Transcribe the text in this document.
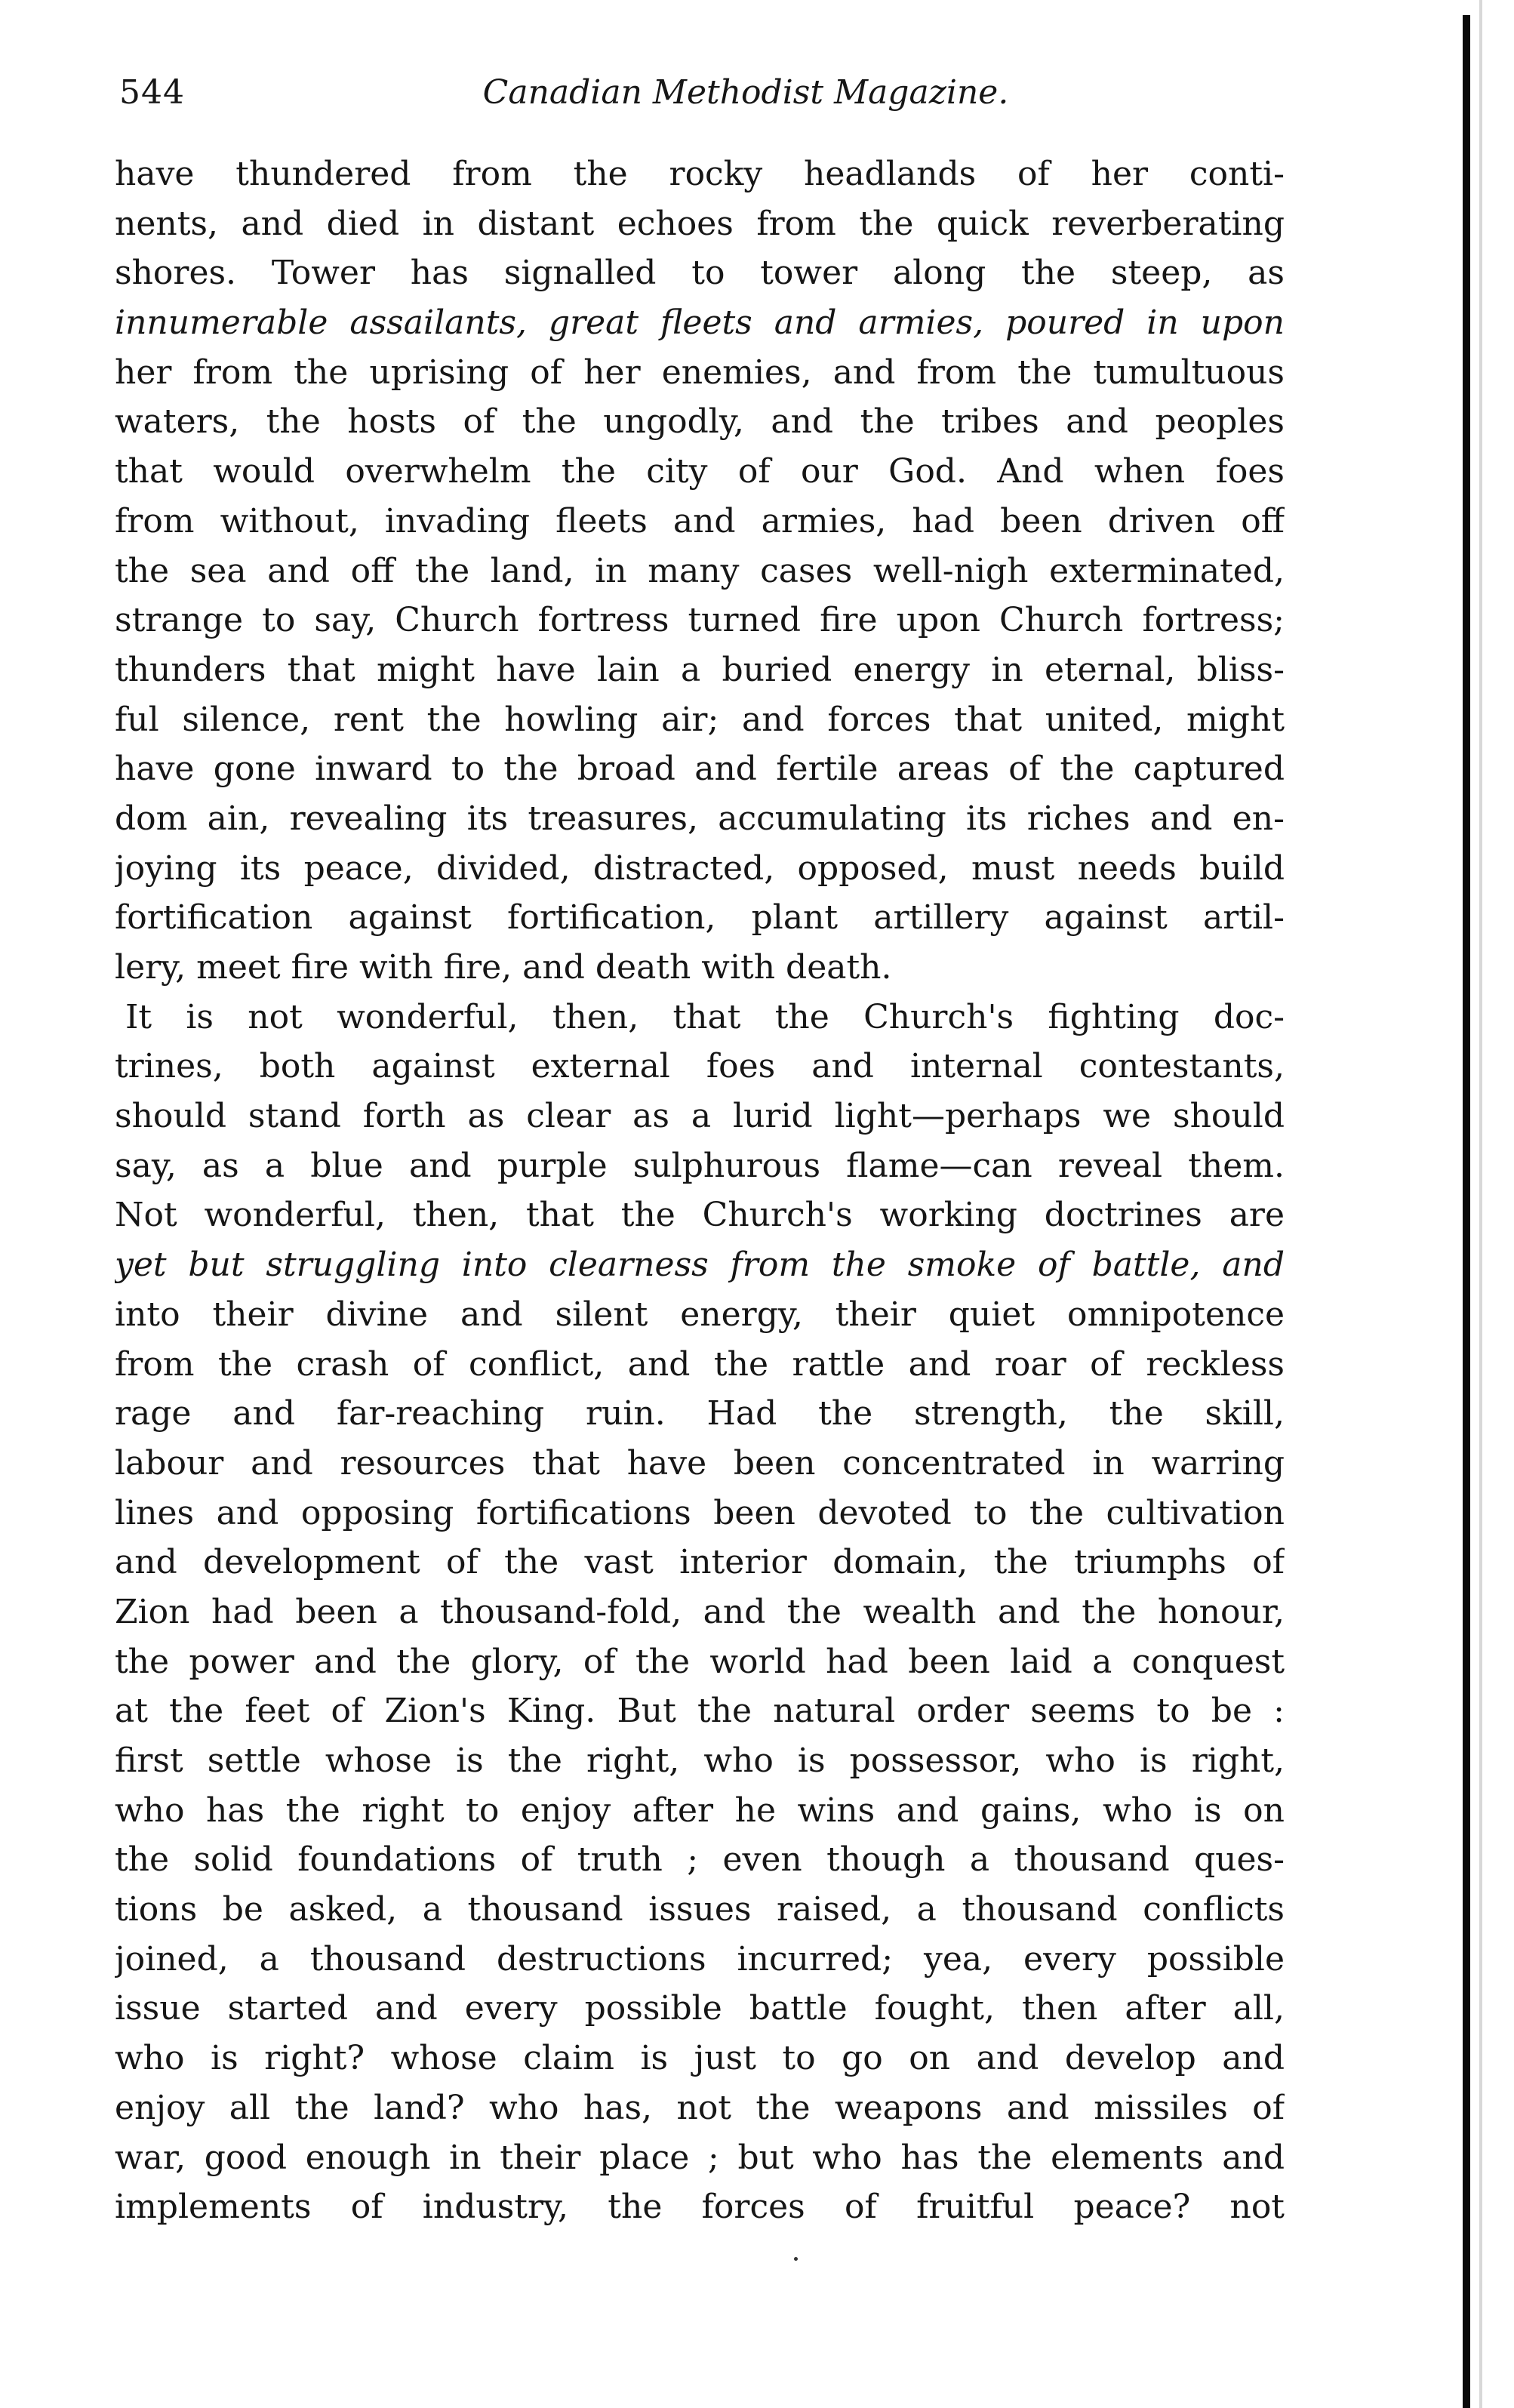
544	Canadian Methodist Magazine.
have thundered from the rocky headlands of her conti-
nents, and died in distant echoes from the quick reverberating
shores. Tower has signalled to tower along the steep, as
innumerable assailants, great fleets and armies, poured in upon
her from the uprising of her enemies, and from the tumultuous
waters, the hosts of the ungodly, and the tribes and peoples
that would overwhelm the city of our God. And when foes
from without, invading fleets and armies, had been driven off
the sea and off the land, in many cases well-nigh exterminated,
strange to say, Church fortress turned fire upon Church fortress;
thunders that might have lain a buried energy in eternal, bliss-
ful silence, rent the howling air; and forces that united, might
have gone inward to the broad and fertile areas of the captured
dom ain, revealing its treasures, accumulating its riches and en-
joying its peace, divided, distracted, opposed, must needs build
fortification against fortification, plant artillery against artil-
lery, meet fire with fire, and death with death.
It is not wonderful, then, that the Church's fighting doc-
trines, both against external foes and internal contestants,
should stand forth as clear as a lurid light—perhaps we should
say, as a blue and purple sulphurous flame—can reveal them.
Not wonderful, then, that the Church's working doctrines are
yet but struggling into clearness from the smoke of battle, and
into their divine and silent energy, their quiet omnipotence
from the crash of conflict, and the rattle and roar of reckless
rage and far-reaching ruin. Had the strength, the skill,
labour and resources that have been concentrated in warring
lines and opposing fortifications been devoted to the cultivation
and development of the vast interior domain, the triumphs of
Zion had been a thousand-fold, and the wealth and the honour,
the power and the glory, of the world had been laid a conquest
at the feet of Zion's King. But the natural order seems to be :
first settle whose is the right, who is possessor, who is right,
who has the right to enjoy after he wins and gains, who is on
the solid foundations of truth ; even though a thousand ques-
tions be asked, a thousand issues raised, a thousand conflicts
joined, a thousand destructions incurred; yea, every possible
issue started and every possible battle fought, then after all,
who is right? whose claim is just to go on and develop and
enjoy all the land? who has, not the weapons and missiles of
war, good enough in their place ; but who has the elements and
implements of industry, the forces of fruitful peace? not
